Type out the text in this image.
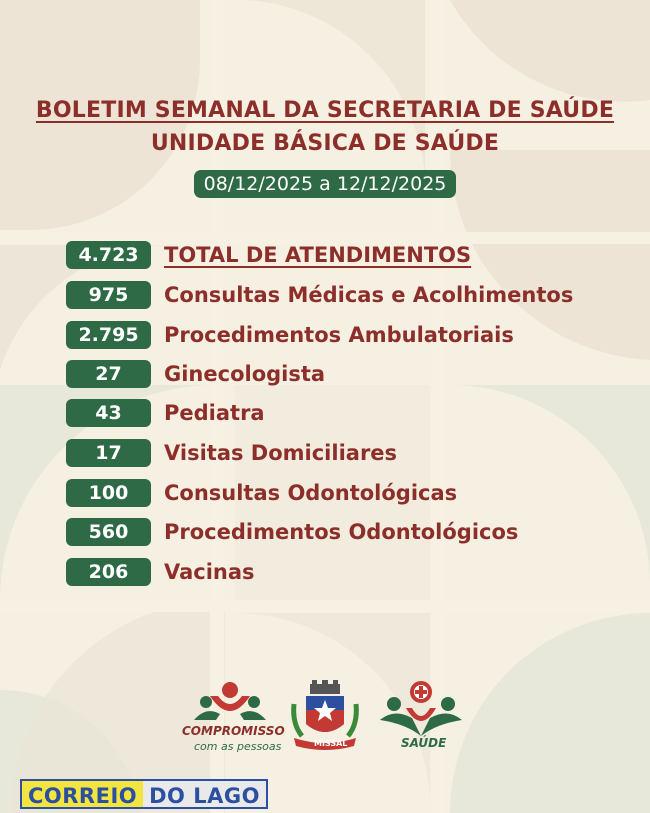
BOLETIM SEMANAL DA SECRETARIA DE SAÚDE
UNIDADE BÁSICA DE SAÚDE
08/12/2025 a 12/12/2025
4.723	TOTAL DE ATENDIMENTOS
975	Consultas Médicas e Acolhimentos
2.795	Procedimentos Ambulatoriais
27	Ginecologista
43	Pediatra
17	Visitas Domiciliares
100	Consultas Odontológicas
560	Procedimentos Odontológicos
206	Vacinas
COMPROMISSO
com as pessoas	MISSAL	SAÚDE
CORREIO DO LAGO
